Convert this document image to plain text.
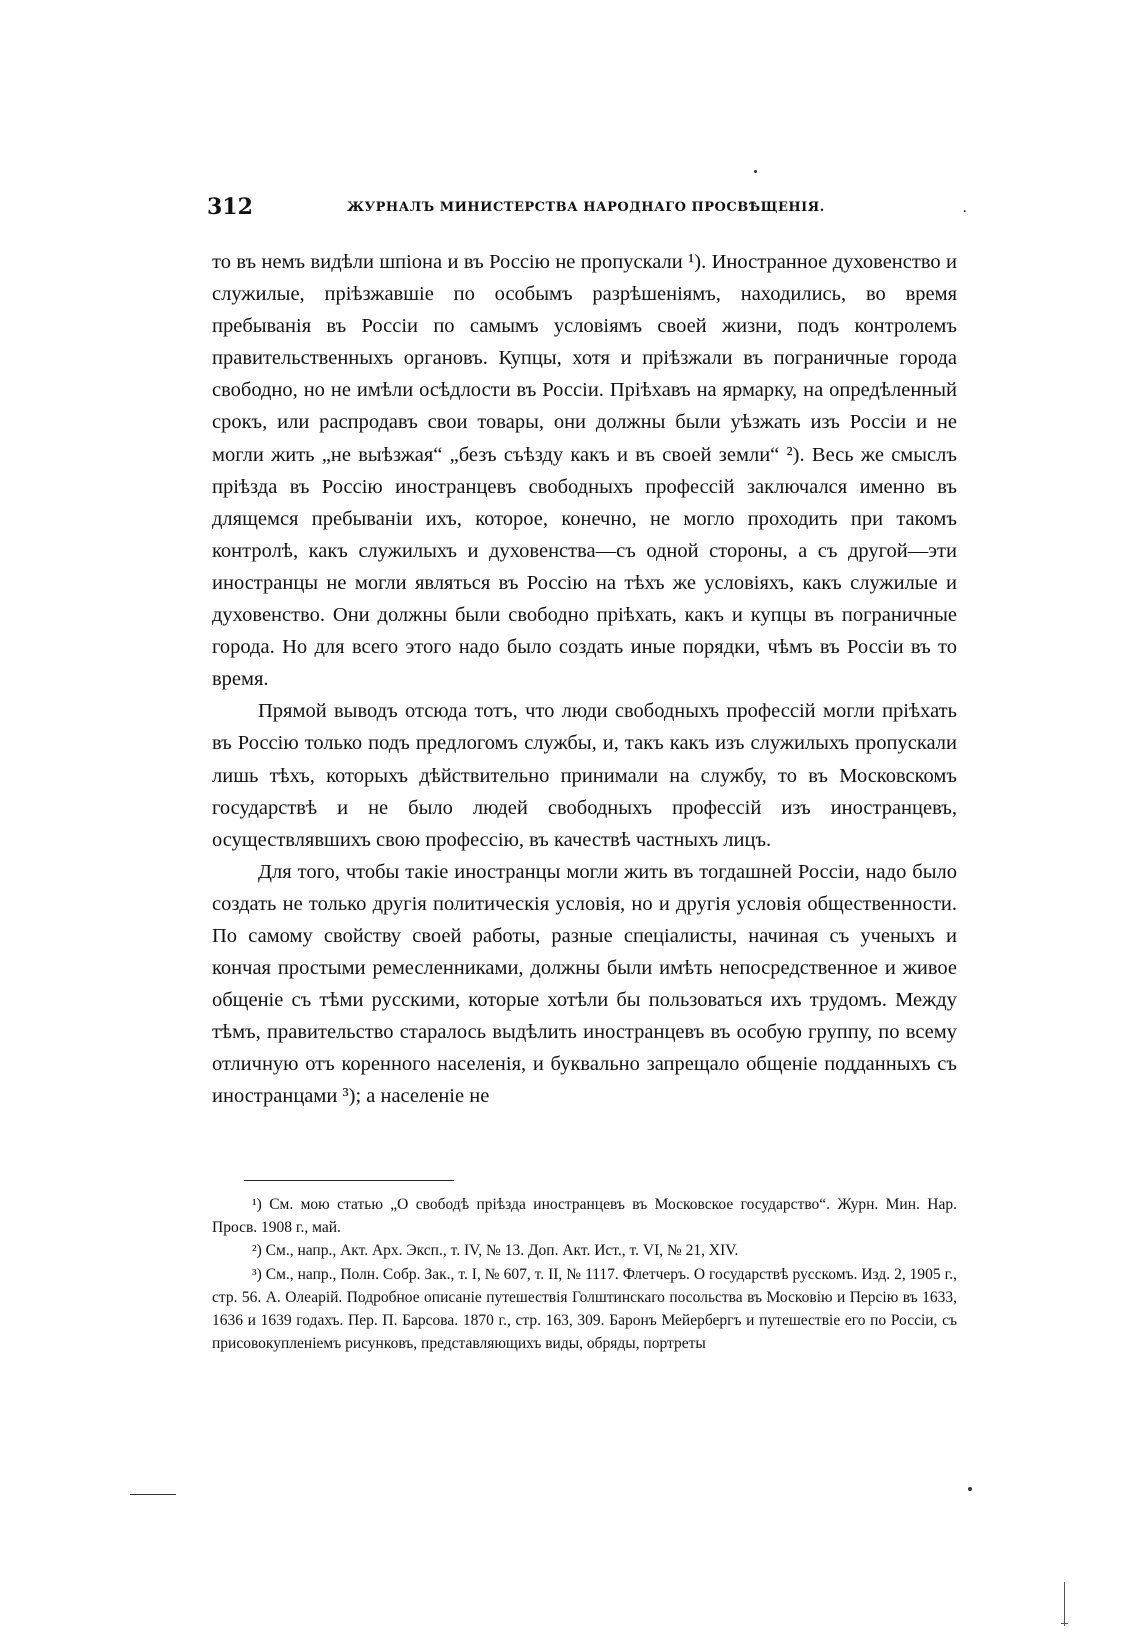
312	ЖУРНАЛЪ МИНИСТЕРСТВА НАРОДНАГО ПРОСВѢЩЕНІЯ.	.

то въ немъ видѣли шпіона и въ Россію не пропускали ¹). Иностранное духовенство и служилые, пріѣзжавшіе по особымъ разрѣшеніямъ, находились, во время пребыванія въ Россіи по самымъ условіямъ своей жизни, подъ контролемъ правительственныхъ органовъ. Купцы, хотя и пріѣзжали въ пограничные города свободно, но не имѣли осѣдлости въ Россіи. Пріѣхавъ на ярмарку, на опредѣленный срокъ, или распродавъ свои товары, они должны были уѣзжать изъ Россіи и не могли жить „не выѣзжая“ „безъ съѣзду какъ и въ своей земли“ ²). Весь же смыслъ пріѣзда въ Россію иностранцевъ свободныхъ профессій заключался именно въ длящемся пребываніи ихъ, которое, конечно, не могло проходить при такомъ контролѣ, какъ служилыхъ и духовенства—съ одной стороны, а съ другой—эти иностранцы не могли являться въ Россію на тѣхъ же условіяхъ, какъ служилые и духовенство. Они должны были свободно пріѣхать, какъ и купцы въ пограничные города. Но для всего этого надо было создать иные порядки, чѣмъ въ Россіи въ то время.

Прямой выводъ отсюда тотъ, что люди свободныхъ профессій могли пріѣхать въ Россію только подъ предлогомъ службы, и, такъ какъ изъ служилыхъ пропускали лишь тѣхъ, которыхъ дѣйствительно принимали на службу, то въ Московскомъ государствѣ и не было людей свободныхъ профессій изъ иностранцевъ, осуществлявшихъ свою профессію, въ качествѣ частныхъ лицъ.

Для того, чтобы такіе иностранцы могли жить въ тогдашней Россіи, надо было создать не только другія политическія условія, но и другія условія общественности. По самому свойству своей работы, разные спеціалисты, начиная съ ученыхъ и кончая простыми ремесленниками, должны были имѣть непосредственное и живое общеніе съ тѣми русскими, которые хотѣли бы пользоваться ихъ трудомъ. Между тѣмъ, правительство старалось выдѣлить иностранцевъ въ особую группу, по всему отличную отъ коренного населенія, и буквально запрещало общеніе подданныхъ съ иностранцами ³); а населеніе не

¹) См. мою статью „О свободѣ пріѣзда иностранцевъ въ Московское государство“. Журн. Мин. Нар. Просв. 1908 г., май.

²) См., напр., Акт. Арх. Эксп., т. IV, № 13. Доп. Акт. Ист., т. VI, № 21, XIV.

³) См., напр., Полн. Собр. Зак., т. I, № 607, т. II, № 1117. Флетчеръ. О государствѣ русскомъ. Изд. 2, 1905 г., стр. 56. А. Олеарій. Подробное описаніе путешествія Голштинскаго посольства въ Московію и Персію въ 1633, 1636 и 1639 годахъ. Пер. П. Барсова. 1870 г., стр. 163, 309. Баронъ Мейербергъ и путешествіе его по Россіи, съ присовокупленіемъ рисунковъ, представляющихъ виды, обряды, портреты
